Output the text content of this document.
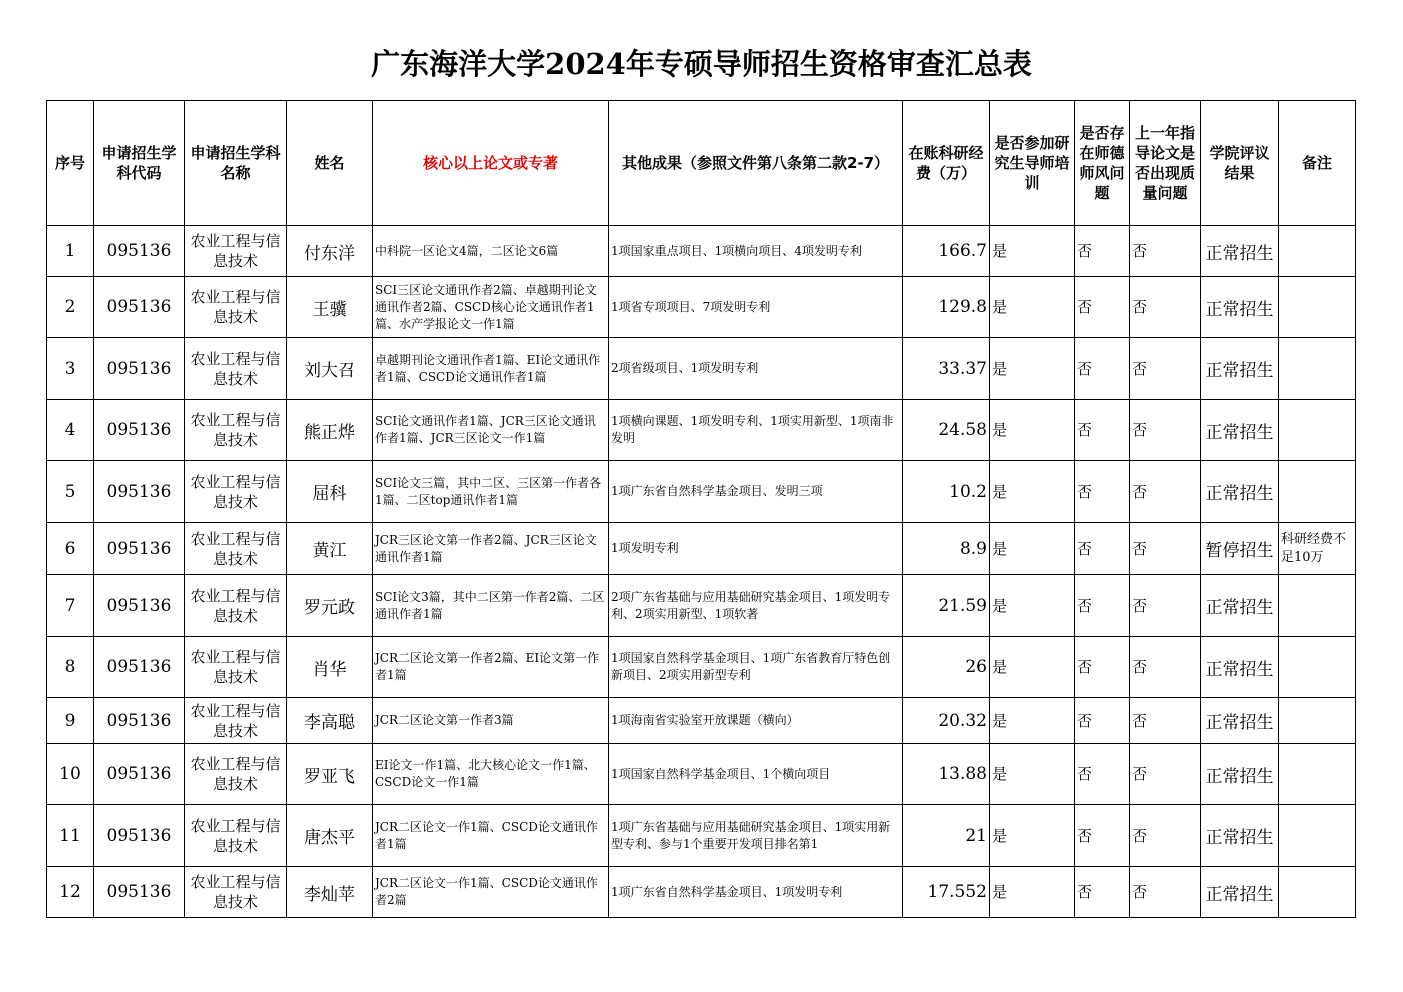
广东海洋大学2024年专硕导师招生资格审查汇总表
序号	申请招生学科代码	申请招生学科名称	姓名	核心以上论文或专著	其他成果（参照文件第八条第二款2-7）	在账科研经费（万）	是否参加研究生导师培训	是否存在师德师风问题	上一年指导论文是否出现质量问题	学院评议结果	备注
1	095136	农业工程与信息技术	付东洋	中科院一区论文4篇，二区论文6篇	1项国家重点项目、1项横向项目、4项发明专利	166.7	是	否	否	正常招生	
2	095136	农业工程与信息技术	王骥	SCI三区论文通讯作者2篇、卓越期刊论文通讯作者2篇、CSCD核心论文通讯作者1篇、水产学报论文一作1篇	1项省专项项目、7项发明专利	129.8	是	否	否	正常招生	
3	095136	农业工程与信息技术	刘大召	卓越期刊论文通讯作者1篇、EI论文通讯作者1篇、CSCD论文通讯作者1篇	2项省级项目、1项发明专利	33.37	是	否	否	正常招生	
4	095136	农业工程与信息技术	熊正烨	SCI论文通讯作者1篇、JCR三区论文通讯作者1篇、JCR三区论文一作1篇	1项横向课题、1项发明专利、1项实用新型、1项南非发明	24.58	是	否	否	正常招生	
5	095136	农业工程与信息技术	屈科	SCI论文三篇，其中二区、三区第一作者各1篇、二区top通讯作者1篇	1项广东省自然科学基金项目、发明三项	10.2	是	否	否	正常招生	
6	095136	农业工程与信息技术	黄江	JCR三区论文第一作者2篇、JCR三区论文通讯作者1篇	1项发明专利	8.9	是	否	否	暂停招生	科研经费不足10万
7	095136	农业工程与信息技术	罗元政	SCI论文3篇，其中二区第一作者2篇、二区通讯作者1篇	2项广东省基础与应用基础研究基金项目、1项发明专利、2项实用新型、1项软著	21.59	是	否	否	正常招生	
8	095136	农业工程与信息技术	肖华	JCR二区论文第一作者2篇、EI论文第一作者1篇	1项国家自然科学基金项目、1项广东省教育厅特色创新项目、2项实用新型专利	26	是	否	否	正常招生	
9	095136	农业工程与信息技术	李高聪	JCR二区论文第一作者3篇	1项海南省实验室开放课题（横向）	20.32	是	否	否	正常招生	
10	095136	农业工程与信息技术	罗亚飞	EI论文一作1篇、北大核心论文一作1篇、CSCD论文一作1篇	1项国家自然科学基金项目、1个横向项目	13.88	是	否	否	正常招生	
11	095136	农业工程与信息技术	唐杰平	JCR二区论文一作1篇、CSCD论文通讯作者1篇	1项广东省基础与应用基础研究基金项目、1项实用新型专利、参与1个重要开发项目排名第1	21	是	否	否	正常招生	
12	095136	农业工程与信息技术	李灿苹	JCR二区论文一作1篇、CSCD论文通讯作者2篇	1项广东省自然科学基金项目、1项发明专利	17.552	是	否	否	正常招生	
